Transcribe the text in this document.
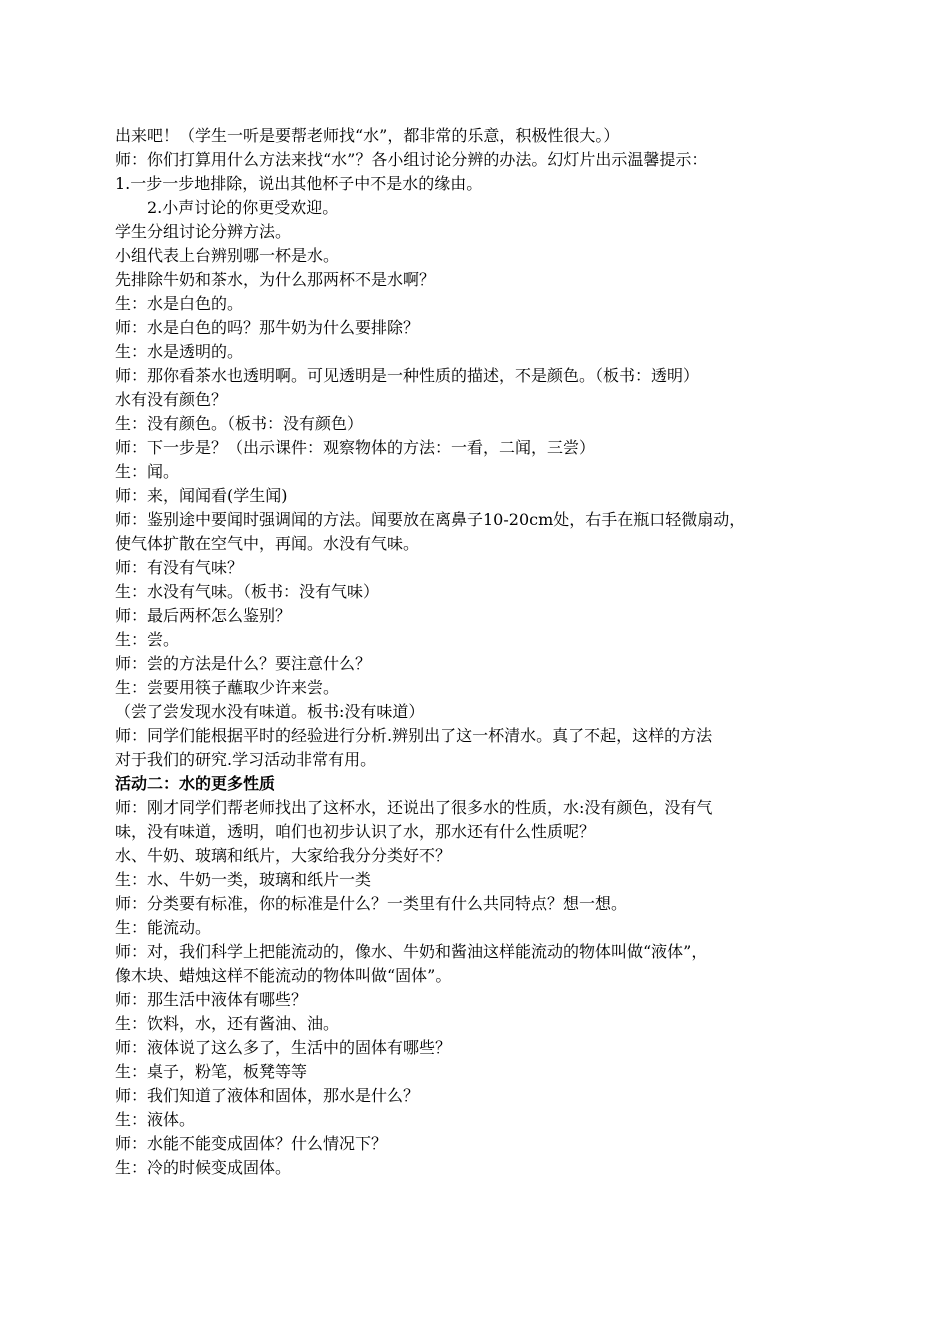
出来吧！（学生一听是要帮老师找“水”，都非常的乐意，积极性很大。）
师：你们打算用什么方法来找“水”？各小组讨论分辨的办法。幻灯片出示温馨提示：
1.一步一步地排除，说出其他杯子中不是水的缘由。
2.小声讨论的你更受欢迎。
学生分组讨论分辨方法。
小组代表上台辨别哪一杯是水。
先排除牛奶和茶水，为什么那两杯不是水啊？
生：水是白色的。
师：水是白色的吗？那牛奶为什么要排除？
生：水是透明的。
师：那你看茶水也透明啊。可见透明是一种性质的描述，不是颜色。（板书：透明）
水有没有颜色？
生：没有颜色。（板书：没有颜色）
师：下一步是？（出示课件：观察物体的方法：一看，二闻，三尝）
生：闻。
师：来，闻闻看(学生闻)
师：鉴别途中要闻时强调闻的方法。闻要放在离鼻子10-20cm处，右手在瓶口轻微扇动，
使气体扩散在空气中，再闻。水没有气味。
师：有没有气味？
生：水没有气味。（板书：没有气味）
师：最后两杯怎么鉴别？
生：尝。
师：尝的方法是什么？要注意什么？
生：尝要用筷子蘸取少许来尝。
（尝了尝发现水没有味道。板书:没有味道）
师：同学们能根据平时的经验进行分析.辨别出了这一杯清水。真了不起，这样的方法
对于我们的研究.学习活动非常有用。
活动二：水的更多性质
师：刚才同学们帮老师找出了这杯水，还说出了很多水的性质，水:没有颜色，没有气
味，没有味道，透明，咱们也初步认识了水，那水还有什么性质呢？
水、牛奶、玻璃和纸片，大家给我分分类好不？
生：水、牛奶一类，玻璃和纸片一类
师：分类要有标准，你的标准是什么？一类里有什么共同特点？想一想。
生：能流动。
师：对，我们科学上把能流动的，像水、牛奶和酱油这样能流动的物体叫做“液体”，
像木块、蜡烛这样不能流动的物体叫做“固体”。
师：那生活中液体有哪些？
生：饮料，水，还有酱油、油。
师：液体说了这么多了，生活中的固体有哪些？
生：桌子，粉笔，板凳等等
师：我们知道了液体和固体，那水是什么？
生：液体。
师：水能不能变成固体？什么情况下？
生：冷的时候变成固体。
